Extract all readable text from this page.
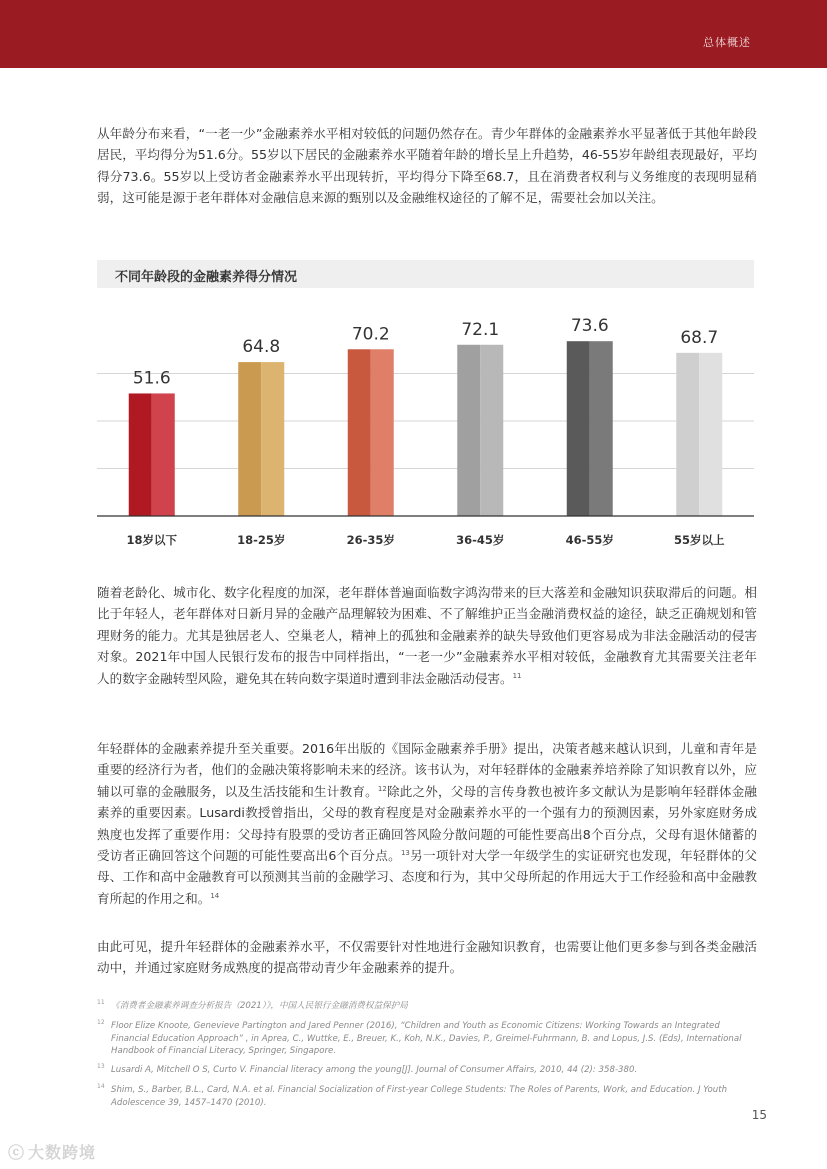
总体概述

从年龄分布来看，“一老一少”金融素养水平相对较低的问题仍然存在。青少年群体的金融素养水平显著低于其他年龄段居民，平均得分为51.6分。55岁以下居民的金融素养水平随着年龄的增长呈上升趋势，46-55岁年龄组表现最好，平均得分73.6。55岁以上受访者金融素养水平出现转折，平均得分下降至68.7，且在消费者权利与义务维度的表现明显稍弱，这可能是源于老年群体对金融信息来源的甄别以及金融维权途径的了解不足，需要社会加以关注。

不同年龄段的金融素养得分情况
51.6
18岁以下
64.8
18-25岁
70.2
26-35岁
72.1
36-45岁
73.6
46-55岁
68.7
55岁以上

随着老龄化、城市化、数字化程度的加深，老年群体普遍面临数字鸿沟带来的巨大落差和金融知识获取滞后的问题。相比于年轻人，老年群体对日新月异的金融产品理解较为困难、不了解维护正当金融消费权益的途径，缺乏正确规划和管理财务的能力。尤其是独居老人、空巢老人，精神上的孤独和金融素养的缺失导致他们更容易成为非法金融活动的侵害对象。2021年中国人民银行发布的报告中同样指出，“一老一少”金融素养水平相对较低，金融教育尤其需要关注老年人的数字金融转型风险，避免其在转向数字渠道时遭到非法金融活动侵害。$^{11}$

年轻群体的金融素养提升至关重要。2016年出版的《国际金融素养手册》提出，决策者越来越认识到，儿童和青年是重要的经济行为者，他们的金融决策将影响未来的经济。该书认为，对年轻群体的金融素养培养除了知识教育以外，应辅以可靠的金融服务，以及生活技能和生计教育。$^{12}$除此之外，父母的言传身教也被许多文献认为是影响年轻群体金融素养的重要因素。Lusardi教授曾指出，父母的教育程度是对金融素养水平的一个强有力的预测因素，另外家庭财务成熟度也发挥了重要作用：父母持有股票的受访者正确回答风险分散问题的可能性要高出8个百分点，父母有退休储蓄的受访者正确回答这个问题的可能性要高出6个百分点。$^{13}$另一项针对大学一年级学生的实证研究也发现，年轻群体的父母、工作和高中金融教育可以预测其当前的金融学习、态度和行为，其中父母所起的作用远大于工作经验和高中金融教育所起的作用之和。$^{14}$

由此可见，提升年轻群体的金融素养水平，不仅需要针对性地进行金融知识教育，也需要让他们更多参与到各类金融活动中，并通过家庭财务成熟度的提高带动青少年金融素养的提升。

11 《消费者金融素养调查分析报告（2021）》，中国人民银行金融消费权益保护局
12 Floor Elize Knoote, Genevieve Partington and Jared Penner (2016), “Children and Youth as Economic Citizens: Working Towards an Integrated Financial Education Approach” , in Aprea, C., Wuttke, E., Breuer, K., Koh, N.K., Davies, P., Greimel-Fuhrmann, B. and Lopus, J.S. (Eds), International Handbook of Financial Literacy, Springer, Singapore.
13 Lusardi A, Mitchell O S, Curto V. Financial literacy among the young[J]. Journal of Consumer Affairs, 2010, 44 (2): 358-380.
14 Shim, S., Barber, B.L., Card, N.A. et al. Financial Socialization of First-year College Students: The Roles of Parents, Work, and Education. J Youth Adolescence 39, 1457–1470 (2010).
15
ⓒ 大数跨境
